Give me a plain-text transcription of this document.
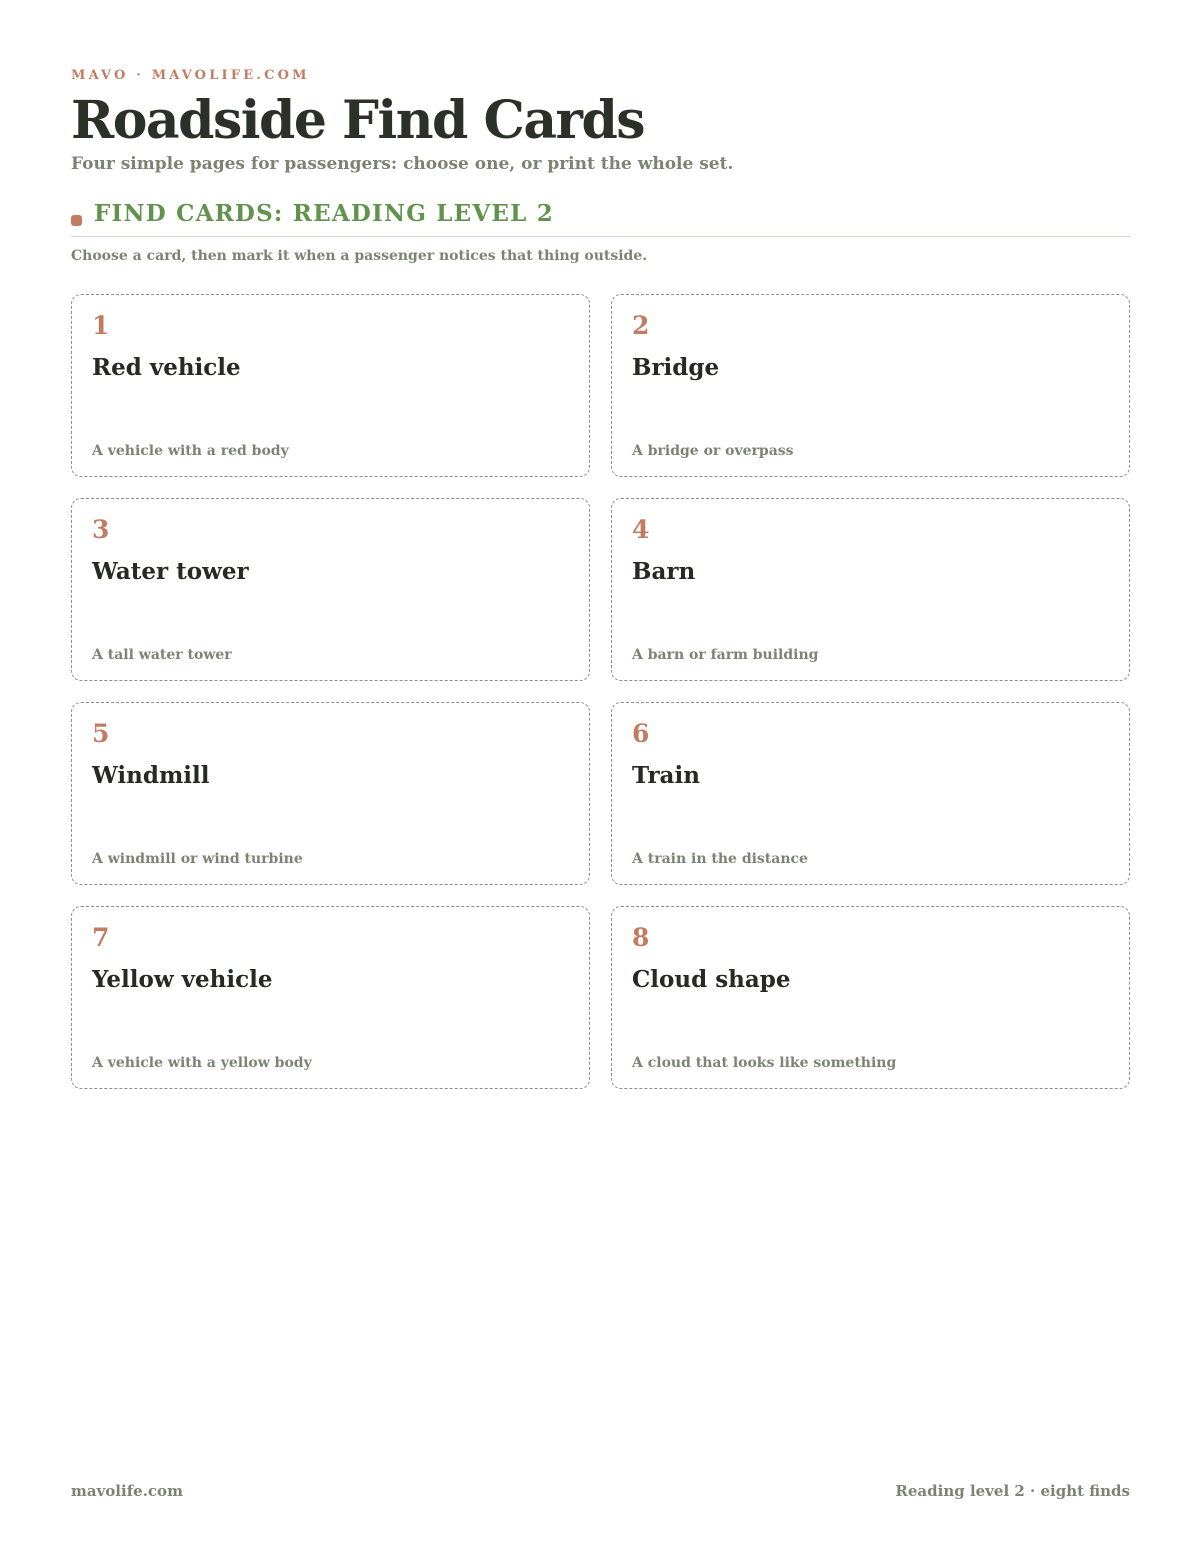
MAVO · MAVOLIFE.COM
Roadside Find Cards
Four simple pages for passengers: choose one, or print the whole set.
FIND CARDS: READING LEVEL 2
Choose a card, then mark it when a passenger notices that thing outside.
1
Red vehicle
A vehicle with a red body
2
Bridge
A bridge or overpass
3
Water tower
A tall water tower
4
Barn
A barn or farm building
5
Windmill
A windmill or wind turbine
6
Train
A train in the distance
7
Yellow vehicle
A vehicle with a yellow body
8
Cloud shape
A cloud that looks like something
mavolife.com	Reading level 2 · eight finds
